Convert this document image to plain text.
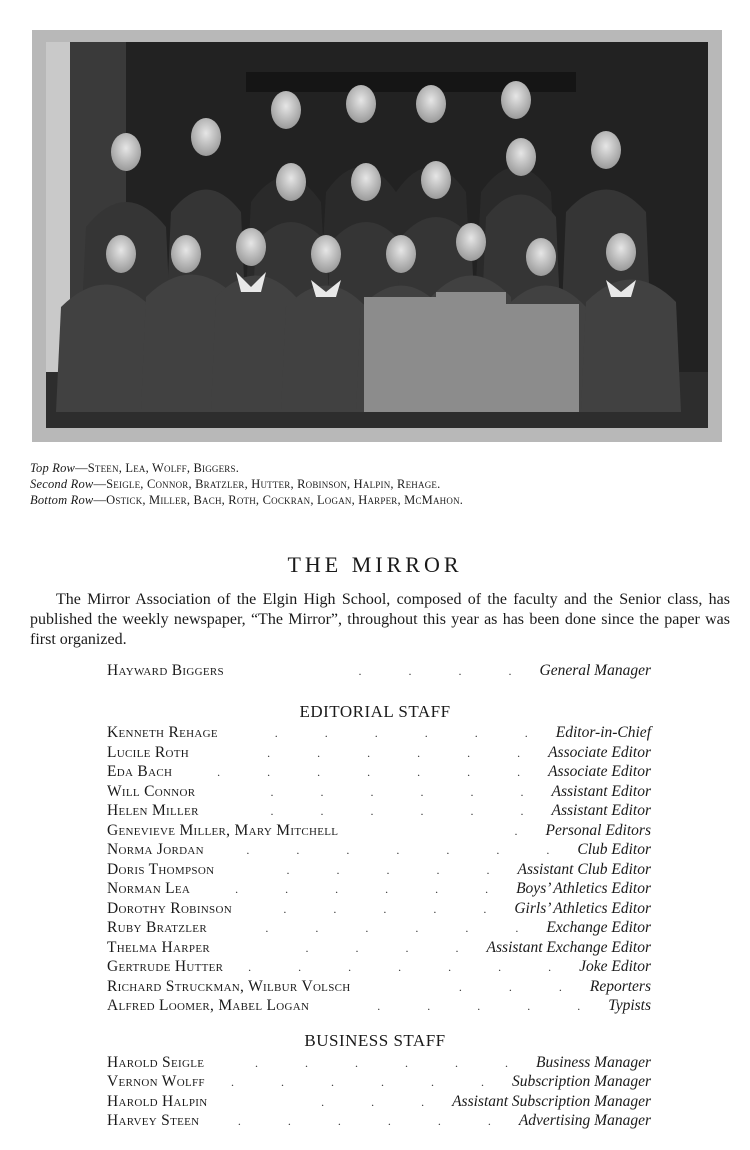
Top Row—Steen, Lea, Wolff, Biggers.
Second Row—Seigle, Connor, Bratzler, Hutter, Robinson, Halpin, Rehage.
Bottom Row—Ostick, Miller, Bach, Roth, Cockran, Logan, Harper, McMahon.
THE MIRROR
The Mirror Association of the Elgin High School, composed of the faculty and the Senior class, has published the weekly newspaper, “The Mirror”, throughout this year as has been done since the paper was first organized.
Hayward Biggers	. . . . General Manager
EDITORIAL STAFF
Kenneth Rehage	. . . . . . Editor-in-Chief
Lucile Roth	. . . . . . Associate Editor
Eda Bach	. . . . . . . Associate Editor
Will Connor	. . . . . . Assistant Editor
Helen Miller	. . . . . . Assistant Editor
Genevieve Miller, Mary Mitchell	. Personal Editors
Norma Jordan	. . . . . . . Club Editor
Doris Thompson	. . . . . Assistant Club Editor
Norman Lea	. . . . . . Boys’ Athletics Editor
Dorothy Robinson	. . . . . Girls’ Athletics Editor
Ruby Bratzler	. . . . . . Exchange Editor
Thelma Harper	. . . . Assistant Exchange Editor
Gertrude Hutter	. . . . . . . Joke Editor
Richard Struckman, Wilbur Volsch	. . . Reporters
Alfred Loomer, Mabel Logan	. . . . . Typists
BUSINESS STAFF
Harold Seigle	. . . . . . Business Manager
Vernon Wolff	. . . . . . Subscription Manager
Harold Halpin	. . . Assistant Subscription Manager
Harvey Steen	. . . . . . Advertising Manager
